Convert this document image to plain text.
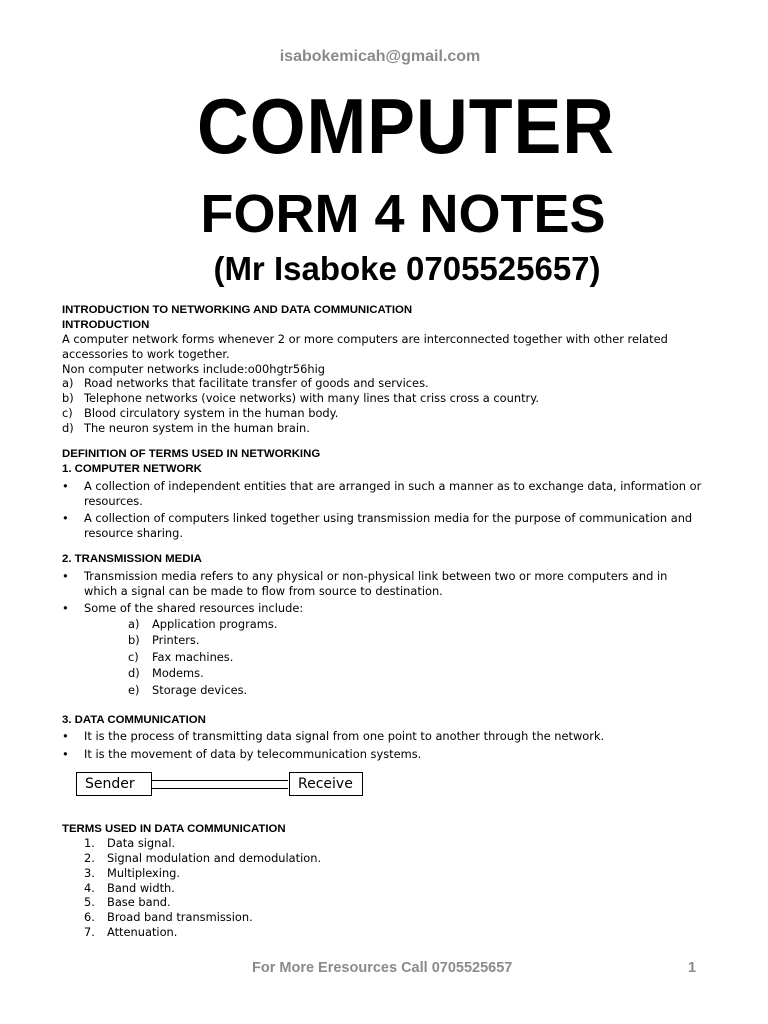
isabokemicah@gmail.com
COMPUTER
FORM 4 NOTES
(Mr Isaboke 0705525657)
INTRODUCTION TO NETWORKING AND DATA COMMUNICATION
INTRODUCTION
A computer network forms whenever 2 or more computers are interconnected together with other related accessories to work together.
Non computer networks include:o00hgtr56hig
a) Road networks that facilitate transfer of goods and services.
b) Telephone networks (voice networks) with many lines that criss cross a country.
c) Blood circulatory system in the human body.
d) The neuron system in the human brain.
DEFINITION OF TERMS USED IN NETWORKING
1. COMPUTER NETWORK
• A collection of independent entities that are arranged in such a manner as to exchange data, information or resources.
• A collection of computers linked together using transmission media for the purpose of communication and resource sharing.
2. TRANSMISSION MEDIA
• Transmission media refers to any physical or non-physical link between two or more computers and in which a signal can be made to flow from source to destination.
• Some of the shared resources include:
a) Application programs.
b) Printers.
c) Fax machines.
d) Modems.
e) Storage devices.
3. DATA COMMUNICATION
• It is the process of transmitting data signal from one point to another through the network.
• It is the movement of data by telecommunication systems.
Sender	Receive
TERMS USED IN DATA COMMUNICATION
1. Data signal.
2. Signal modulation and demodulation.
3. Multiplexing.
4. Band width.
5. Base band.
6. Broad band transmission.
7. Attenuation.
For More Eresources Call 0705525657	1
